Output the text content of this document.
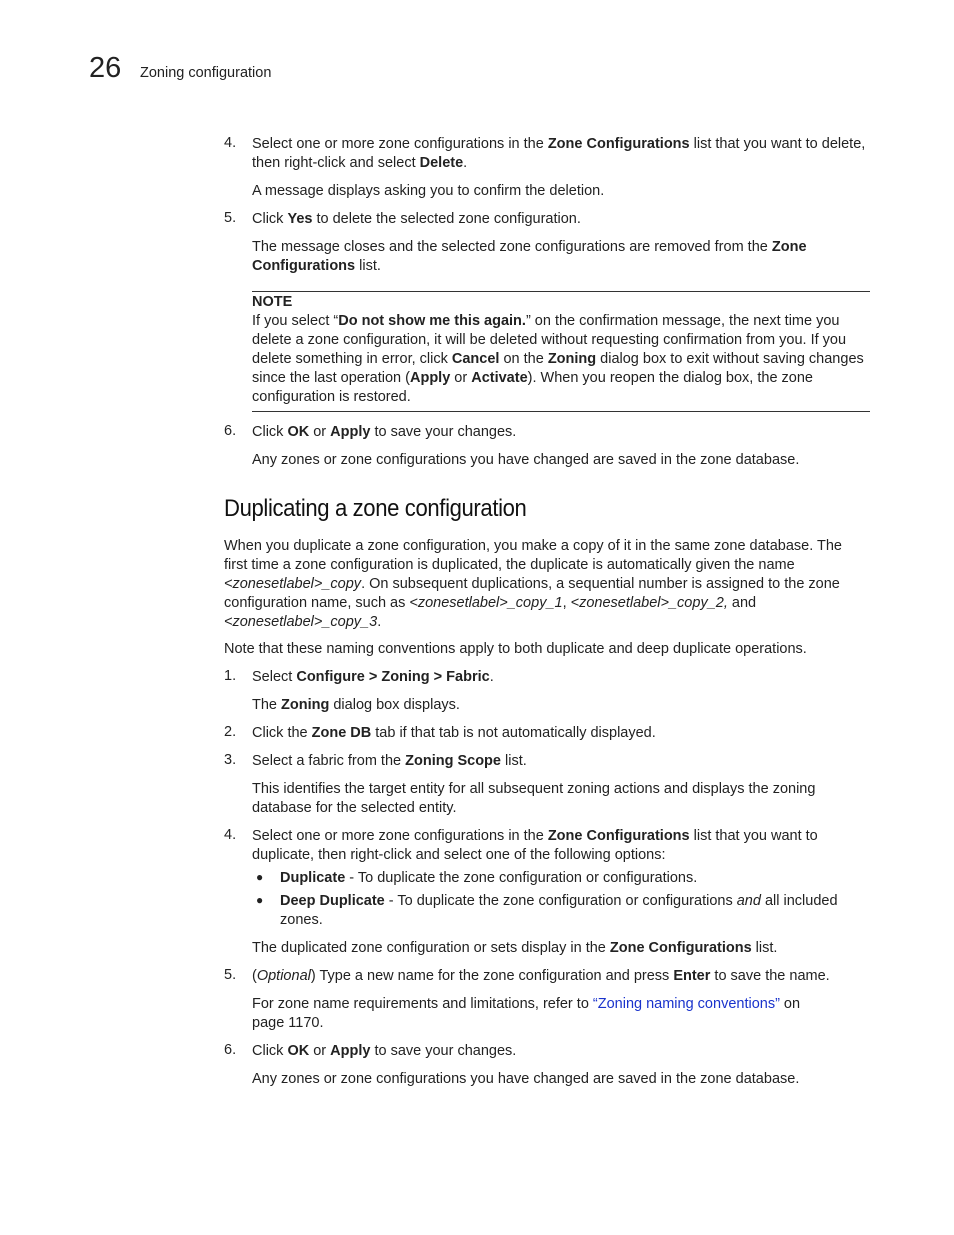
26 Zoning configuration
4. Select one or more zone configurations in the Zone Configurations list that you want to delete,
then right-click and select Delete.
A message displays asking you to confirm the deletion.
5. Click Yes to delete the selected zone configuration.
The message closes and the selected zone configurations are removed from the Zone
Configurations list.
NOTE
If you select “Do not show me this again.” on the confirmation message, the next time you
delete a zone configuration, it will be deleted without requesting confirmation from you. If you
delete something in error, click Cancel on the Zoning dialog box to exit without saving changes
since the last operation (Apply or Activate). When you reopen the dialog box, the zone
configuration is restored.
6. Click OK or Apply to save your changes.
Any zones or zone configurations you have changed are saved in the zone database.
Duplicating a zone configuration
When you duplicate a zone configuration, you make a copy of it in the same zone database. The
first time a zone configuration is duplicated, the duplicate is automatically given the name
<zonesetlabel>_copy. On subsequent duplications, a sequential number is assigned to the zone
configuration name, such as <zonesetlabel>_copy_1, <zonesetlabel>_copy_2, and
<zonesetlabel>_copy_3.
Note that these naming conventions apply to both duplicate and deep duplicate operations.
1. Select Configure > Zoning > Fabric.
The Zoning dialog box displays.
2. Click the Zone DB tab if that tab is not automatically displayed.
3. Select a fabric from the Zoning Scope list.
This identifies the target entity for all subsequent zoning actions and displays the zoning
database for the selected entity.
4. Select one or more zone configurations in the Zone Configurations list that you want to
duplicate, then right-click and select one of the following options:
● Duplicate - To duplicate the zone configuration or configurations.
● Deep Duplicate - To duplicate the zone configuration or configurations and all included
zones.
The duplicated zone configuration or sets display in the Zone Configurations list.
5. (Optional) Type a new name for the zone configuration and press Enter to save the name.
For zone name requirements and limitations, refer to “Zoning naming conventions” on
page 1170.
6. Click OK or Apply to save your changes.
Any zones or zone configurations you have changed are saved in the zone database.
